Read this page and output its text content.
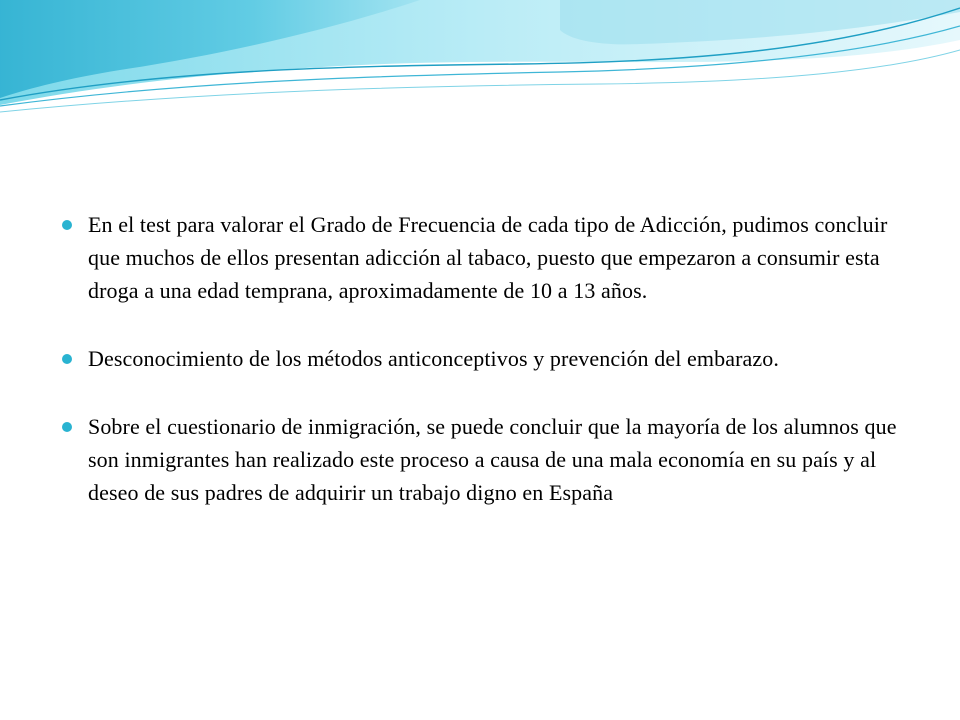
En el test para valorar el Grado de Frecuencia de cada tipo de Adicción, pudimos concluir que muchos de ellos presentan adicción al tabaco, puesto que empezaron a consumir esta droga a una edad temprana, aproximadamente de 10 a 13 años.
Desconocimiento de los métodos anticonceptivos y prevención del embarazo.
Sobre el cuestionario de inmigración, se puede concluir que la mayoría de los alumnos que son inmigrantes han realizado este proceso a causa de una mala economía en su país y al deseo de sus padres de adquirir un trabajo digno en España
